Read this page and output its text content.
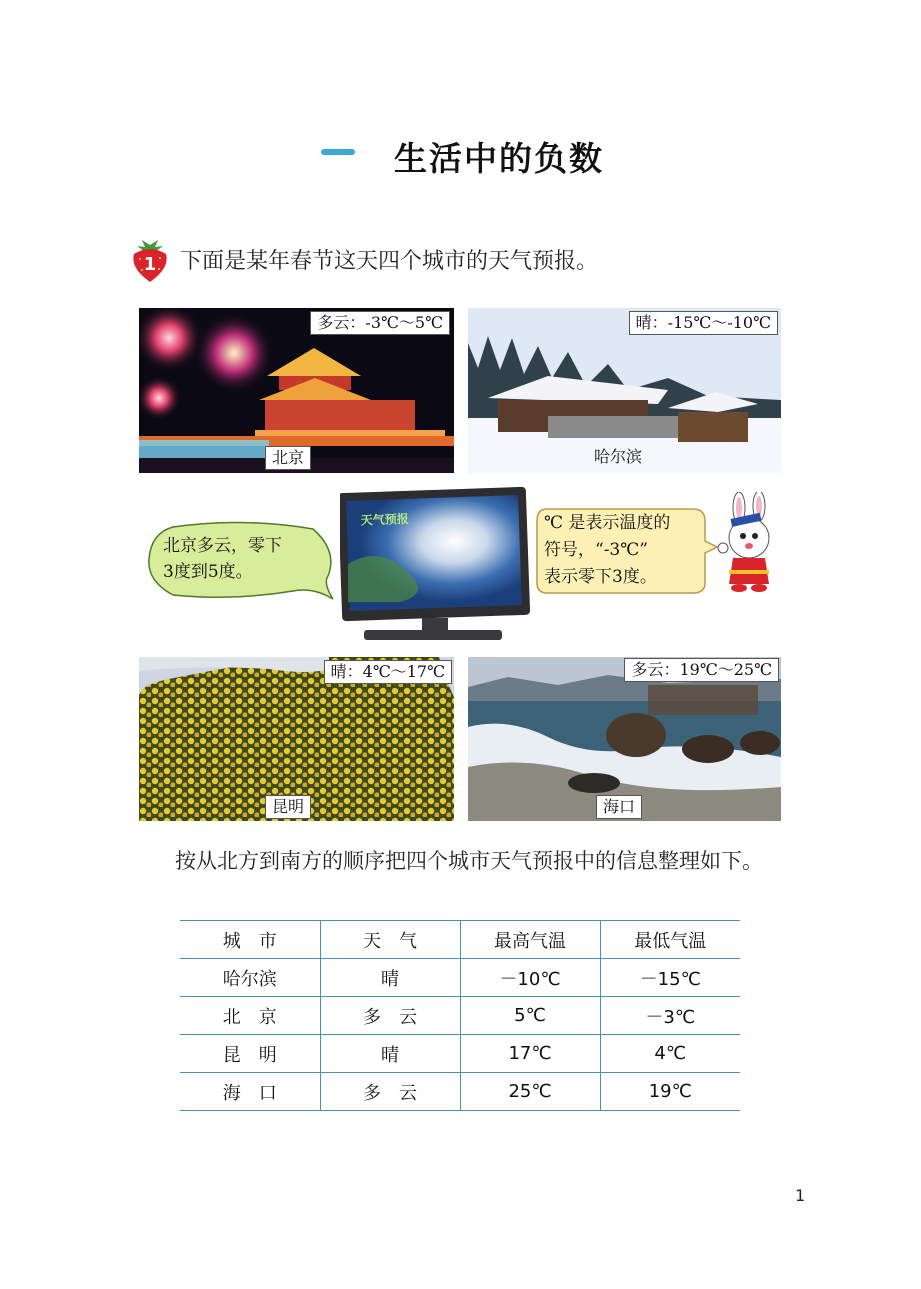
生活中的负数
1 下面是某年春节这天四个城市的天气预报。
多云：-3℃～5℃
北京
晴：-15℃～-10℃
哈尔滨
北京多云，零下
3度到5度。
天气预报	℃ 是表示温度的
符号，“-3℃”
表示零下3度。
晴：4℃～17℃
昆明
多云：19℃～25℃
海口
按从北方到南方的顺序把四个城市天气预报中的信息整理如下。
城　市	天　气	最高气温	最低气温
哈尔滨	晴	－10℃	－15℃
北　京	多　云	5℃	－3℃
昆　明	晴	17℃	4℃
海　口	多　云	25℃	19℃
1
